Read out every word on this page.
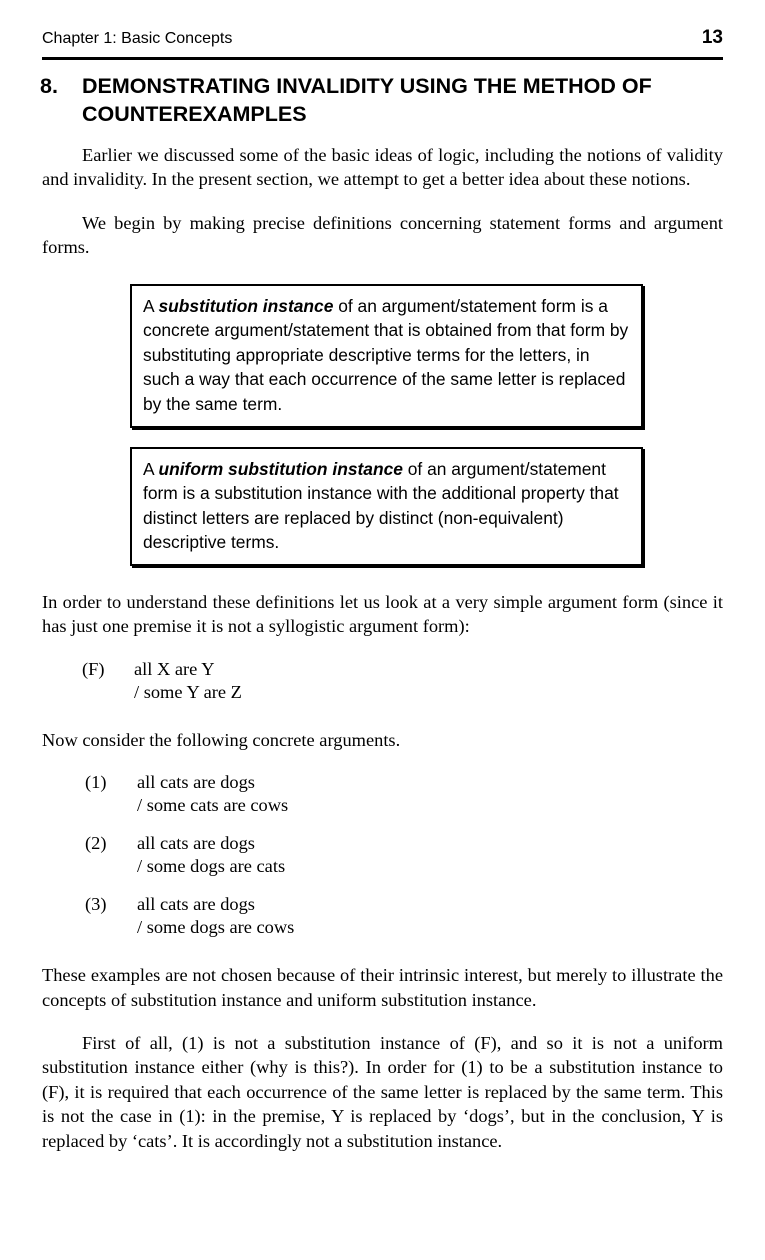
Chapter 1: Basic Concepts	13
8.	DEMONSTRATING INVALIDITY USING THE METHOD OF COUNTEREXAMPLES

Earlier we discussed some of the basic ideas of logic, including the notions of validity and invalidity. In the present section, we attempt to get a better idea about these notions.

We begin by making precise definitions concerning statement forms and argument forms.

A substitution instance of an argument/statement form is a concrete argument/statement that is obtained from that form by substituting appropriate descriptive terms for the letters, in such a way that each occurrence of the same letter is replaced by the same term.
A uniform substitution instance of an argument/statement form is a substitution instance with the additional property that distinct letters are replaced by distinct (non-equivalent) descriptive terms.

In order to understand these definitions let us look at a very simple argument form (since it has just one premise it is not a syllogistic argument form):

(F)	all X are Y
/ some Y are Z

Now consider the following concrete arguments.

(1)	all cats are dogs
/ some cats are cows
(2)	all cats are dogs
/ some dogs are cats
(3)	all cats are dogs
/ some dogs are cows

These examples are not chosen because of their intrinsic interest, but merely to illustrate the concepts of substitution instance and uniform substitution instance.

First of all, (1) is not a substitution instance of (F), and so it is not a uniform substitution instance either (why is this?). In order for (1) to be a substitution instance to (F), it is required that each occurrence of the same letter is replaced by the same term. This is not the case in (1): in the premise, Y is replaced by ‘dogs’, but in the conclusion, Y is replaced by ‘cats’. It is accordingly not a substitution instance.
